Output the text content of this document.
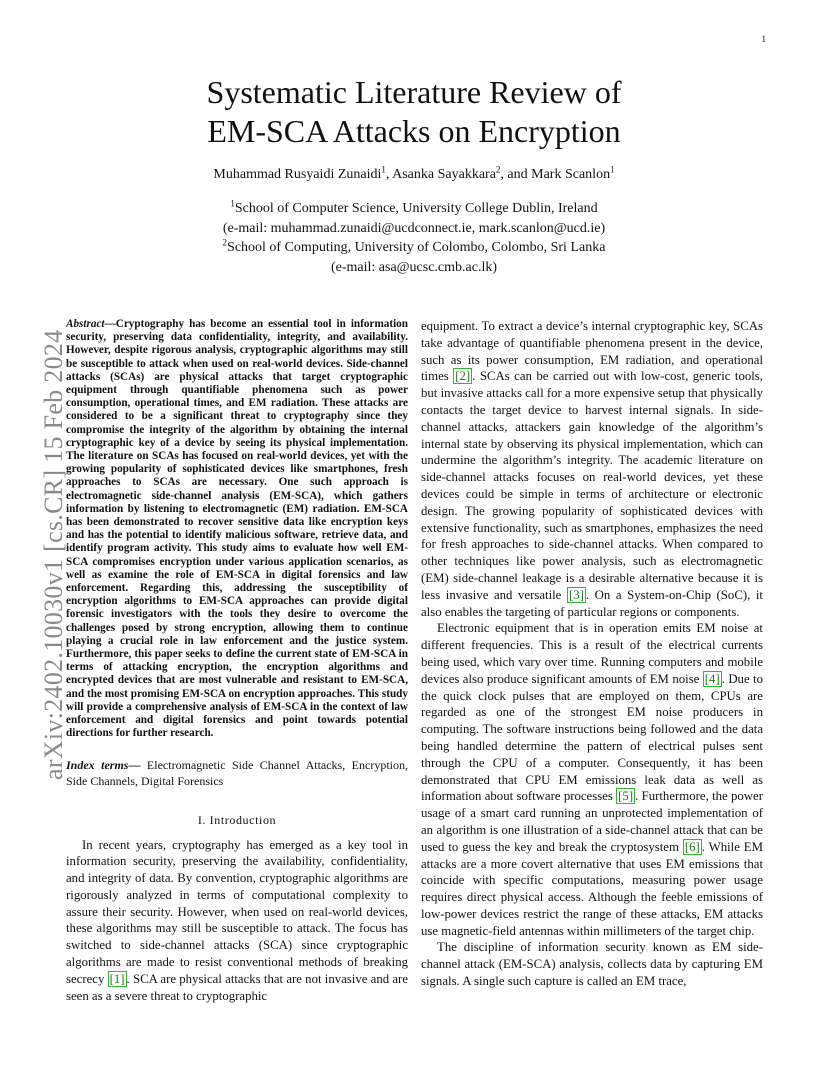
1
arXiv:2402.10030v1 [cs.CR] 15 Feb 2024
Systematic Literature Review of
EM-SCA Attacks on Encryption
Muhammad Rusyaidi Zunaidi$^1$, Asanka Sayakkara$^2$, and Mark Scanlon$^1$
$^1$School of Computer Science, University College Dublin, Ireland
(e-mail: muhammad.zunaidi@ucdconnect.ie, mark.scanlon@ucd.ie)
$^2$School of Computing, University of Colombo, Colombo, Sri Lanka
(e-mail: asa@ucsc.cmb.ac.lk)

Abstract—Cryptography has become an essential tool in information security, preserving data confidentiality, integrity, and availability. However, despite rigorous analysis, cryptographic algorithms may still be susceptible to attack when used on real-world devices. Side-channel attacks (SCAs) are physical attacks that target cryptographic equipment through quantifiable phenomena such as power consumption, operational times, and EM radiation. These attacks are considered to be a significant threat to cryptography since they compromise the integrity of the algorithm by obtaining the internal cryptographic key of a device by seeing its physical implementation. The literature on SCAs has focused on real-world devices, yet with the growing popularity of sophisticated devices like smartphones, fresh approaches to SCAs are necessary. One such approach is electromagnetic side-channel analysis (EM-SCA), which gathers information by listening to electromagnetic (EM) radiation. EM-SCA has been demonstrated to recover sensitive data like encryption keys and has the potential to identify malicious software, retrieve data, and identify program activity. This study aims to evaluate how well EM-SCA compromises encryption under various application scenarios, as well as examine the role of EM-SCA in digital forensics and law enforcement. Regarding this, addressing the susceptibility of encryption algorithms to EM-SCA approaches can provide digital forensic investigators with the tools they desire to overcome the challenges posed by strong encryption, allowing them to continue playing a crucial role in law enforcement and the justice system. Furthermore, this paper seeks to define the current state of EM-SCA in terms of attacking encryption, the encryption algorithms and encrypted devices that are most vulnerable and resistant to EM-SCA, and the most promising EM-SCA on encryption approaches. This study will provide a comprehensive analysis of EM-SCA in the context of law enforcement and digital forensics and point towards potential directions for further research.

Index terms— Electromagnetic Side Channel Attacks, Encryption, Side Channels, Digital Forensics

I. Introduction

In recent years, cryptography has emerged as a key tool in information security, preserving the availability, confidentiality, and integrity of data. By convention, cryptographic algorithms are rigorously analyzed in terms of computational complexity to assure their security. However, when used on real-world devices, these algorithms may still be susceptible to attack. The focus has switched to side-channel attacks (SCA) since cryptographic algorithms are made to resist conventional methods of breaking secrecy [1] . SCA are physical attacks that are not invasive and are seen as a severe threat to cryptographic

equipment. To extract a device’s internal cryptographic key, SCAs take advantage of quantifiable phenomena present in the device, such as its power consumption, EM radiation, and operational times [2] . SCAs can be carried out with low-cost, generic tools, but invasive attacks call for a more expensive setup that physically contacts the target device to harvest internal signals. In side-channel attacks, attackers gain knowledge of the algorithm’s internal state by observing its physical implementation, which can undermine the algorithm’s integrity. The academic literature on side-channel attacks focuses on real-world devices, yet these devices could be simple in terms of architecture or electronic design. The growing popularity of sophisticated devices with extensive functionality, such as smartphones, emphasizes the need for fresh approaches to side-channel attacks. When compared to other techniques like power analysis, such as electromagnetic (EM) side-channel leakage is a desirable alternative because it is less invasive and versatile [3] . On a System-on-Chip (SoC), it also enables the targeting of particular regions or components.

Electronic equipment that is in operation emits EM noise at different frequencies. This is a result of the electrical currents being used, which vary over time. Running computers and mobile devices also produce significant amounts of EM noise [4] . Due to the quick clock pulses that are employed on them, CPUs are regarded as one of the strongest EM noise producers in computing. The software instructions being followed and the data being handled determine the pattern of electrical pulses sent through the CPU of a computer. Consequently, it has been demonstrated that CPU EM emissions leak data as well as information about software processes [5] . Furthermore, the power usage of a smart card running an unprotected implementation of an algorithm is one illustration of a side-channel attack that can be used to guess the key and break the cryptosystem [6] . While EM attacks are a more covert alternative that uses EM emissions that coincide with specific computations, measuring power usage requires direct physical access. Although the feeble emissions of low-power devices restrict the range of these attacks, EM attacks use magnetic-field antennas within millimeters of the target chip.

The discipline of information security known as EM side-channel attack (EM-SCA) analysis, collects data by capturing EM signals. A single such capture is called an EM trace,
